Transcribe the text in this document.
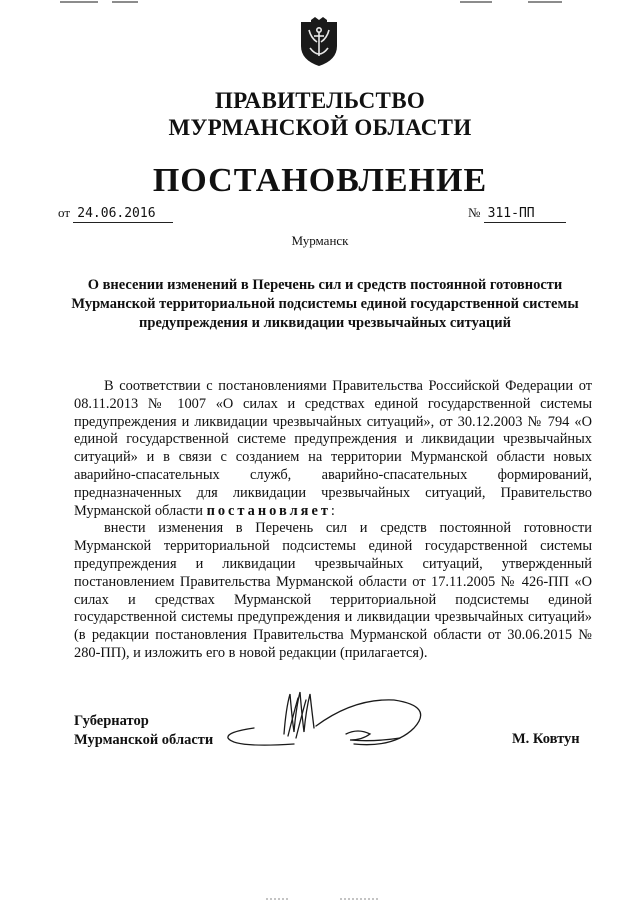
ПРАВИТЕЛЬСТВО
МУРМАНСКОЙ ОБЛАСТИ
ПОСТАНОВЛЕНИЕ
от 24.06.2016	№ 311-ПП
Мурманск
О внесении изменений в Перечень сил и средств постоянной готовности Мурманской территориальной подсистемы единой государственной системы предупреждения и ликвидации чрезвычайных ситуаций

В соответствии с постановлениями Правительства Российской Федерации от 08.11.2013 № 1007 «О силах и средствах единой государственной системы предупреждения и ликвидации чрезвычайных ситуаций», от 30.12.2003 № 794 «О единой государственной системе предупреждения и ликвидации чрезвычайных ситуаций» и в связи с созданием на территории Мурманской области новых аварийно-спасательных служб, аварийно-спасательных формирований, предназначенных для ликвидации чрезвычайных ситуаций, Правительство Мурманской области постановляет:

внести изменения в Перечень сил и средств постоянной готовности Мурманской территориальной подсистемы единой государственной системы предупреждения и ликвидации чрезвычайных ситуаций, утвержденный постановлением Правительства Мурманской области от 17.11.2005 № 426-ПП «О силах и средствах Мурманской территориальной подсистемы единой государственной системы предупреждения и ликвидации чрезвычайных ситуаций» (в редакции постановления Правительства Мурманской области от 30.06.2015 № 280-ПП), и изложить его в новой редакции (прилагается).

Губернатор
Мурманской области	М. Ковтун
